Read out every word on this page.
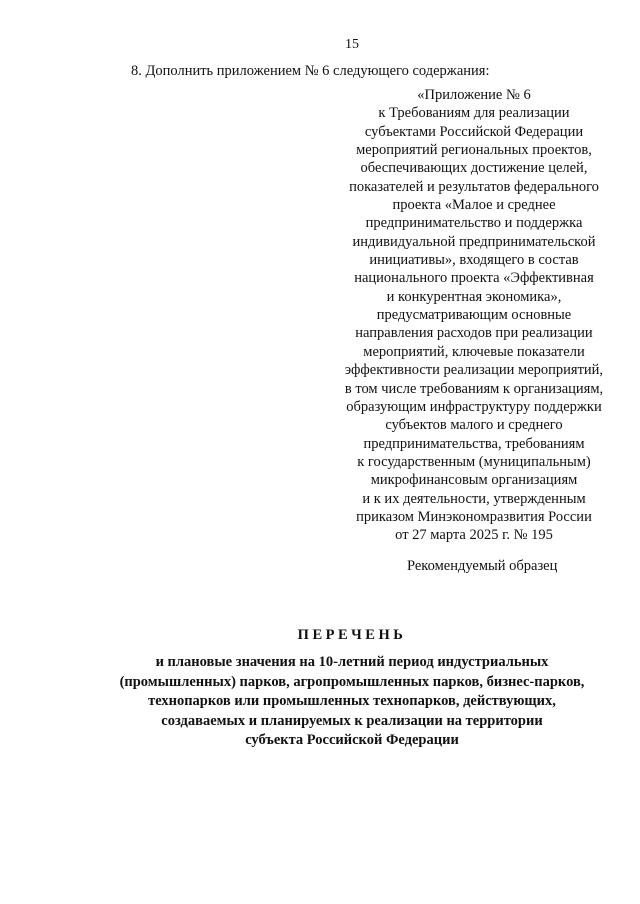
15
8. Дополнить приложением № 6 следующего содержания:
«Приложение № 6
к Требованиям для реализации
субъектами Российской Федерации
мероприятий региональных проектов,
обеспечивающих достижение целей,
показателей и результатов федерального
проекта «Малое и среднее
предпринимательство и поддержка
индивидуальной предпринимательской
инициативы», входящего в состав
национального проекта «Эффективная
и конкурентная экономика»,
предусматривающим основные
направления расходов при реализации
мероприятий, ключевые показатели
эффективности реализации мероприятий,
в том числе требованиям к организациям,
образующим инфраструктуру поддержки
субъектов малого и среднего
предпринимательства, требованиям
к государственным (муниципальным)
микрофинансовым организациям
и к их деятельности, утвержденным
приказом Минэкономразвития России
от 27 марта 2025 г. № 195
Рекомендуемый образец
ПЕРЕЧЕНЬ
и плановые значения на 10-летний период индустриальных
(промышленных) парков, агропромышленных парков, бизнес-парков,
технопарков или промышленных технопарков, действующих,
создаваемых и планируемых к реализации на территории
субъекта Российской Федерации
